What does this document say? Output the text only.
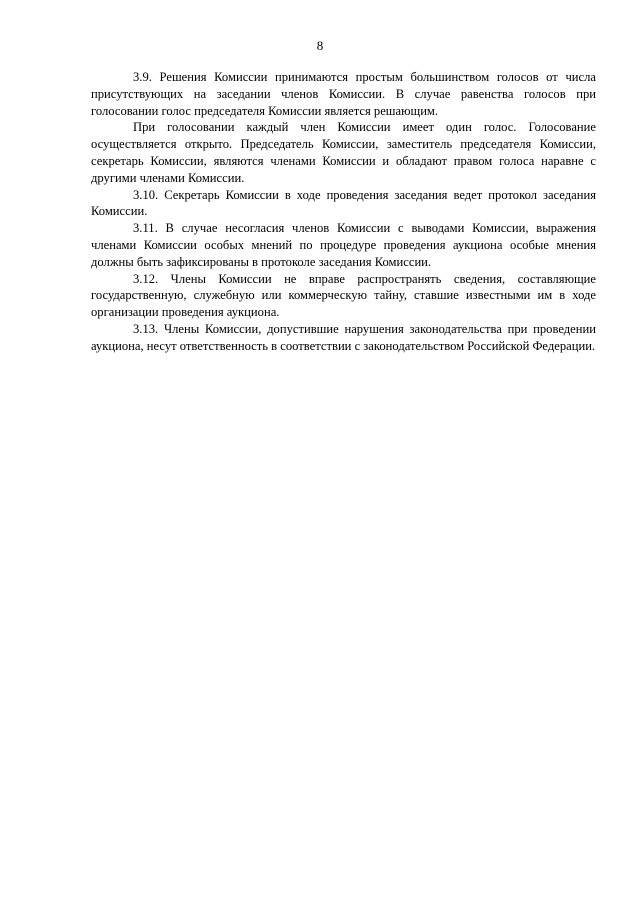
8

3.9. Решения Комиссии принимаются простым большинством голосов от числа присутствующих на заседании членов Комиссии. В случае равенства голосов при голосовании голос председателя Комиссии является решающим.

При голосовании каждый член Комиссии имеет один голос. Голосование осуществляется открыто. Председатель Комиссии, заместитель председателя Комиссии, секретарь Комиссии, являются членами Комиссии и обладают правом голоса наравне с другими членами Комиссии.

3.10. Секретарь Комиссии в ходе проведения заседания ведет протокол заседания Комиссии.

3.11. В случае несогласия членов Комиссии с выводами Комиссии, выражения членами Комиссии особых мнений по процедуре проведения аукциона особые мнения должны быть зафиксированы в протоколе заседания Комиссии.

3.12. Члены Комиссии не вправе распространять сведения, составляющие государственную, служебную или коммерческую тайну, ставшие известными им в ходе организации проведения аукциона.

3.13. Члены Комиссии, допустившие нарушения законодательства при проведении аукциона, несут ответственность в соответствии с законодательством Российской Федерации.
